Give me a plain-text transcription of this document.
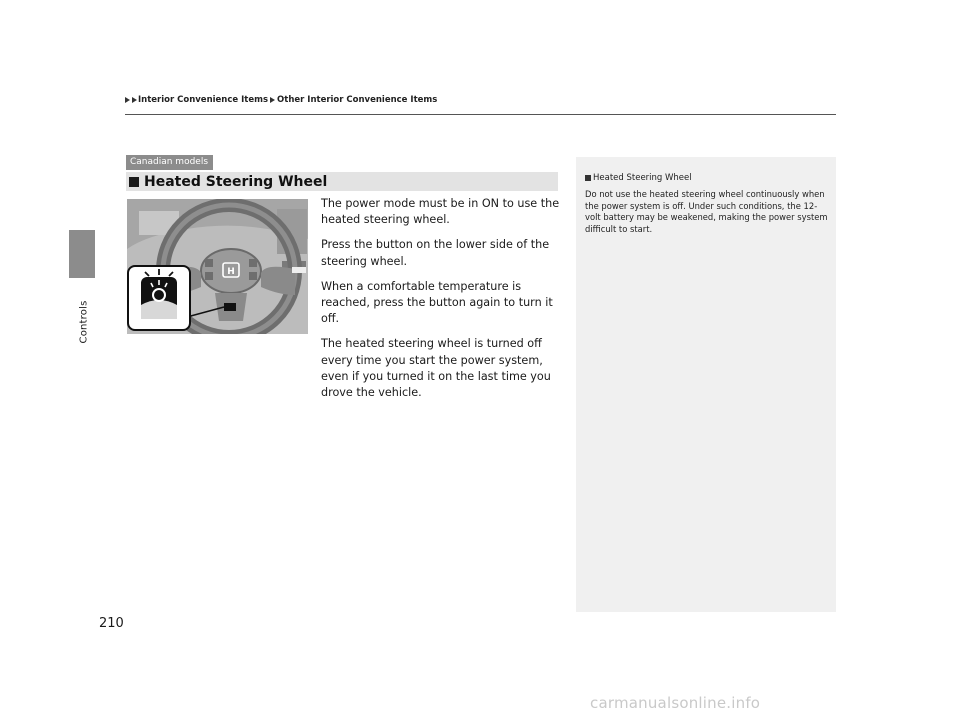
Controls
Interior Convenience Items Other Interior Convenience Items
Canadian models
Heated Steering Wheel
H

The power mode must be in ON to use the heated steering wheel.

Press the button on the lower side of the steering wheel.

When a comfortable temperature is reached, press the button again to turn it off.

The heated steering wheel is turned off every time you start the power system, even if you turned it on the last time you drove the vehicle.

Heated Steering Wheel
Do not use the heated steering wheel continuously when the power system is off. Under such conditions, the 12-volt battery may be weakened, making the power system difficult to start.
210
carmanualsonline.info
